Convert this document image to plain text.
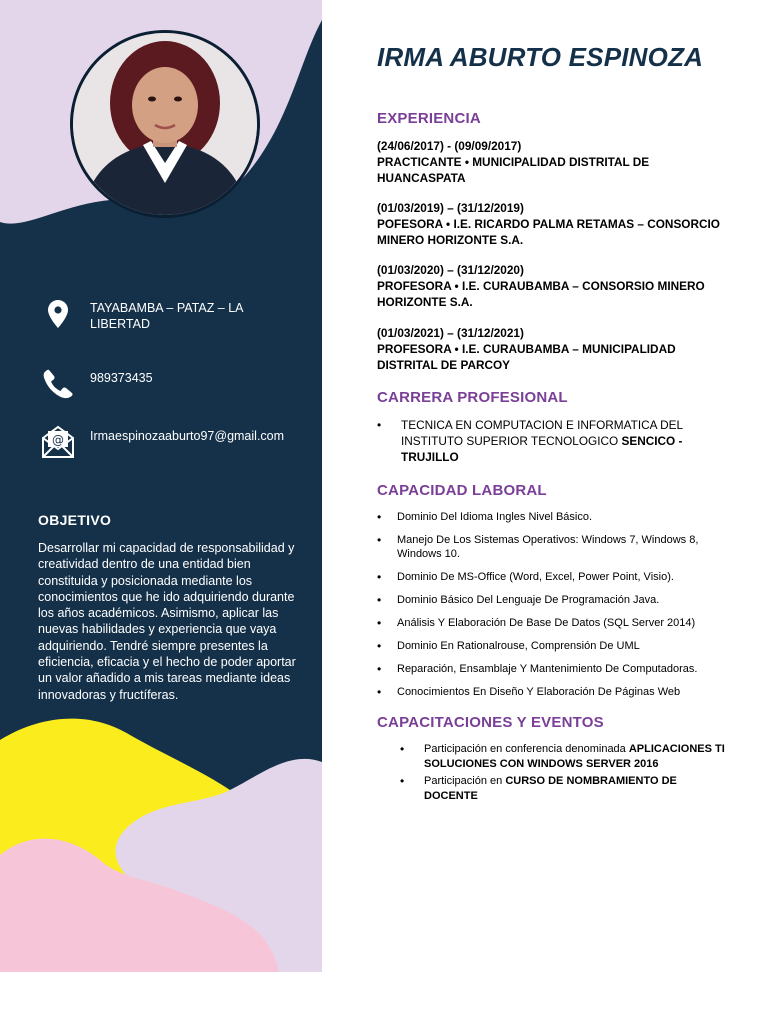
TAYABAMBA – PATAZ – LA LIBERTAD
989373435
@ Irmaespinozaaburto97@gmail.com
OBJETIVO
Desarrollar mi capacidad de responsabilidad y creatividad dentro de una entidad bien constituida y posicionada mediante los conocimientos que he ido adquiriendo durante los años académicos. Asimismo, aplicar las nuevas habilidades y experiencia que vaya adquiriendo. Tendré siempre presentes la eficiencia, eficacia y el hecho de poder aportar un valor añadido a mis tareas mediante ideas innovadoras y fructíferas.
IRMA ABURTO ESPINOZA
EXPERIENCIA
(24/06/2017) - (09/09/2017)
PRACTICANTE • MUNICIPALIDAD DISTRITAL DE HUANCASPATA
(01/03/2019) – (31/12/2019)
POFESORA • I.E. RICARDO PALMA RETAMAS – CONSORCIO MINERO HORIZONTE S.A.
(01/03/2020) – (31/12/2020)
PROFESORA • I.E. CURAUBAMBA – CONSORSIO MINERO HORIZONTE S.A.
(01/03/2021) – (31/12/2021)
PROFESORA • I.E. CURAUBAMBA – MUNICIPALIDAD DISTRITAL DE PARCOY
CARRERA PROFESIONAL
• TECNICA EN COMPUTACION E INFORMATICA DEL INSTITUTO SUPERIOR TECNOLOGICO SENCICO - TRUJILLO
CAPACIDAD LABORAL
• Dominio Del Idioma Ingles Nivel Básico.
• Manejo De Los Sistemas Operativos: Windows 7, Windows 8, Windows 10.
• Dominio De MS-Office (Word, Excel, Power Point, Visio).
• Dominio Básico Del Lenguaje De Programación Java.
• Análisis Y Elaboración De Base De Datos (SQL Server 2014)
• Dominio En Rationalrouse, Comprensión De UML
• Reparación, Ensamblaje Y Mantenimiento De Computadoras.
• Conocimientos En Diseño Y Elaboración De Páginas Web
CAPACITACIONES Y EVENTOS
• Participación en conferencia denominada APLICACIONES TI SOLUCIONES CON WINDOWS SERVER 2016
• Participación en CURSO DE NOMBRAMIENTO DE DOCENTE
